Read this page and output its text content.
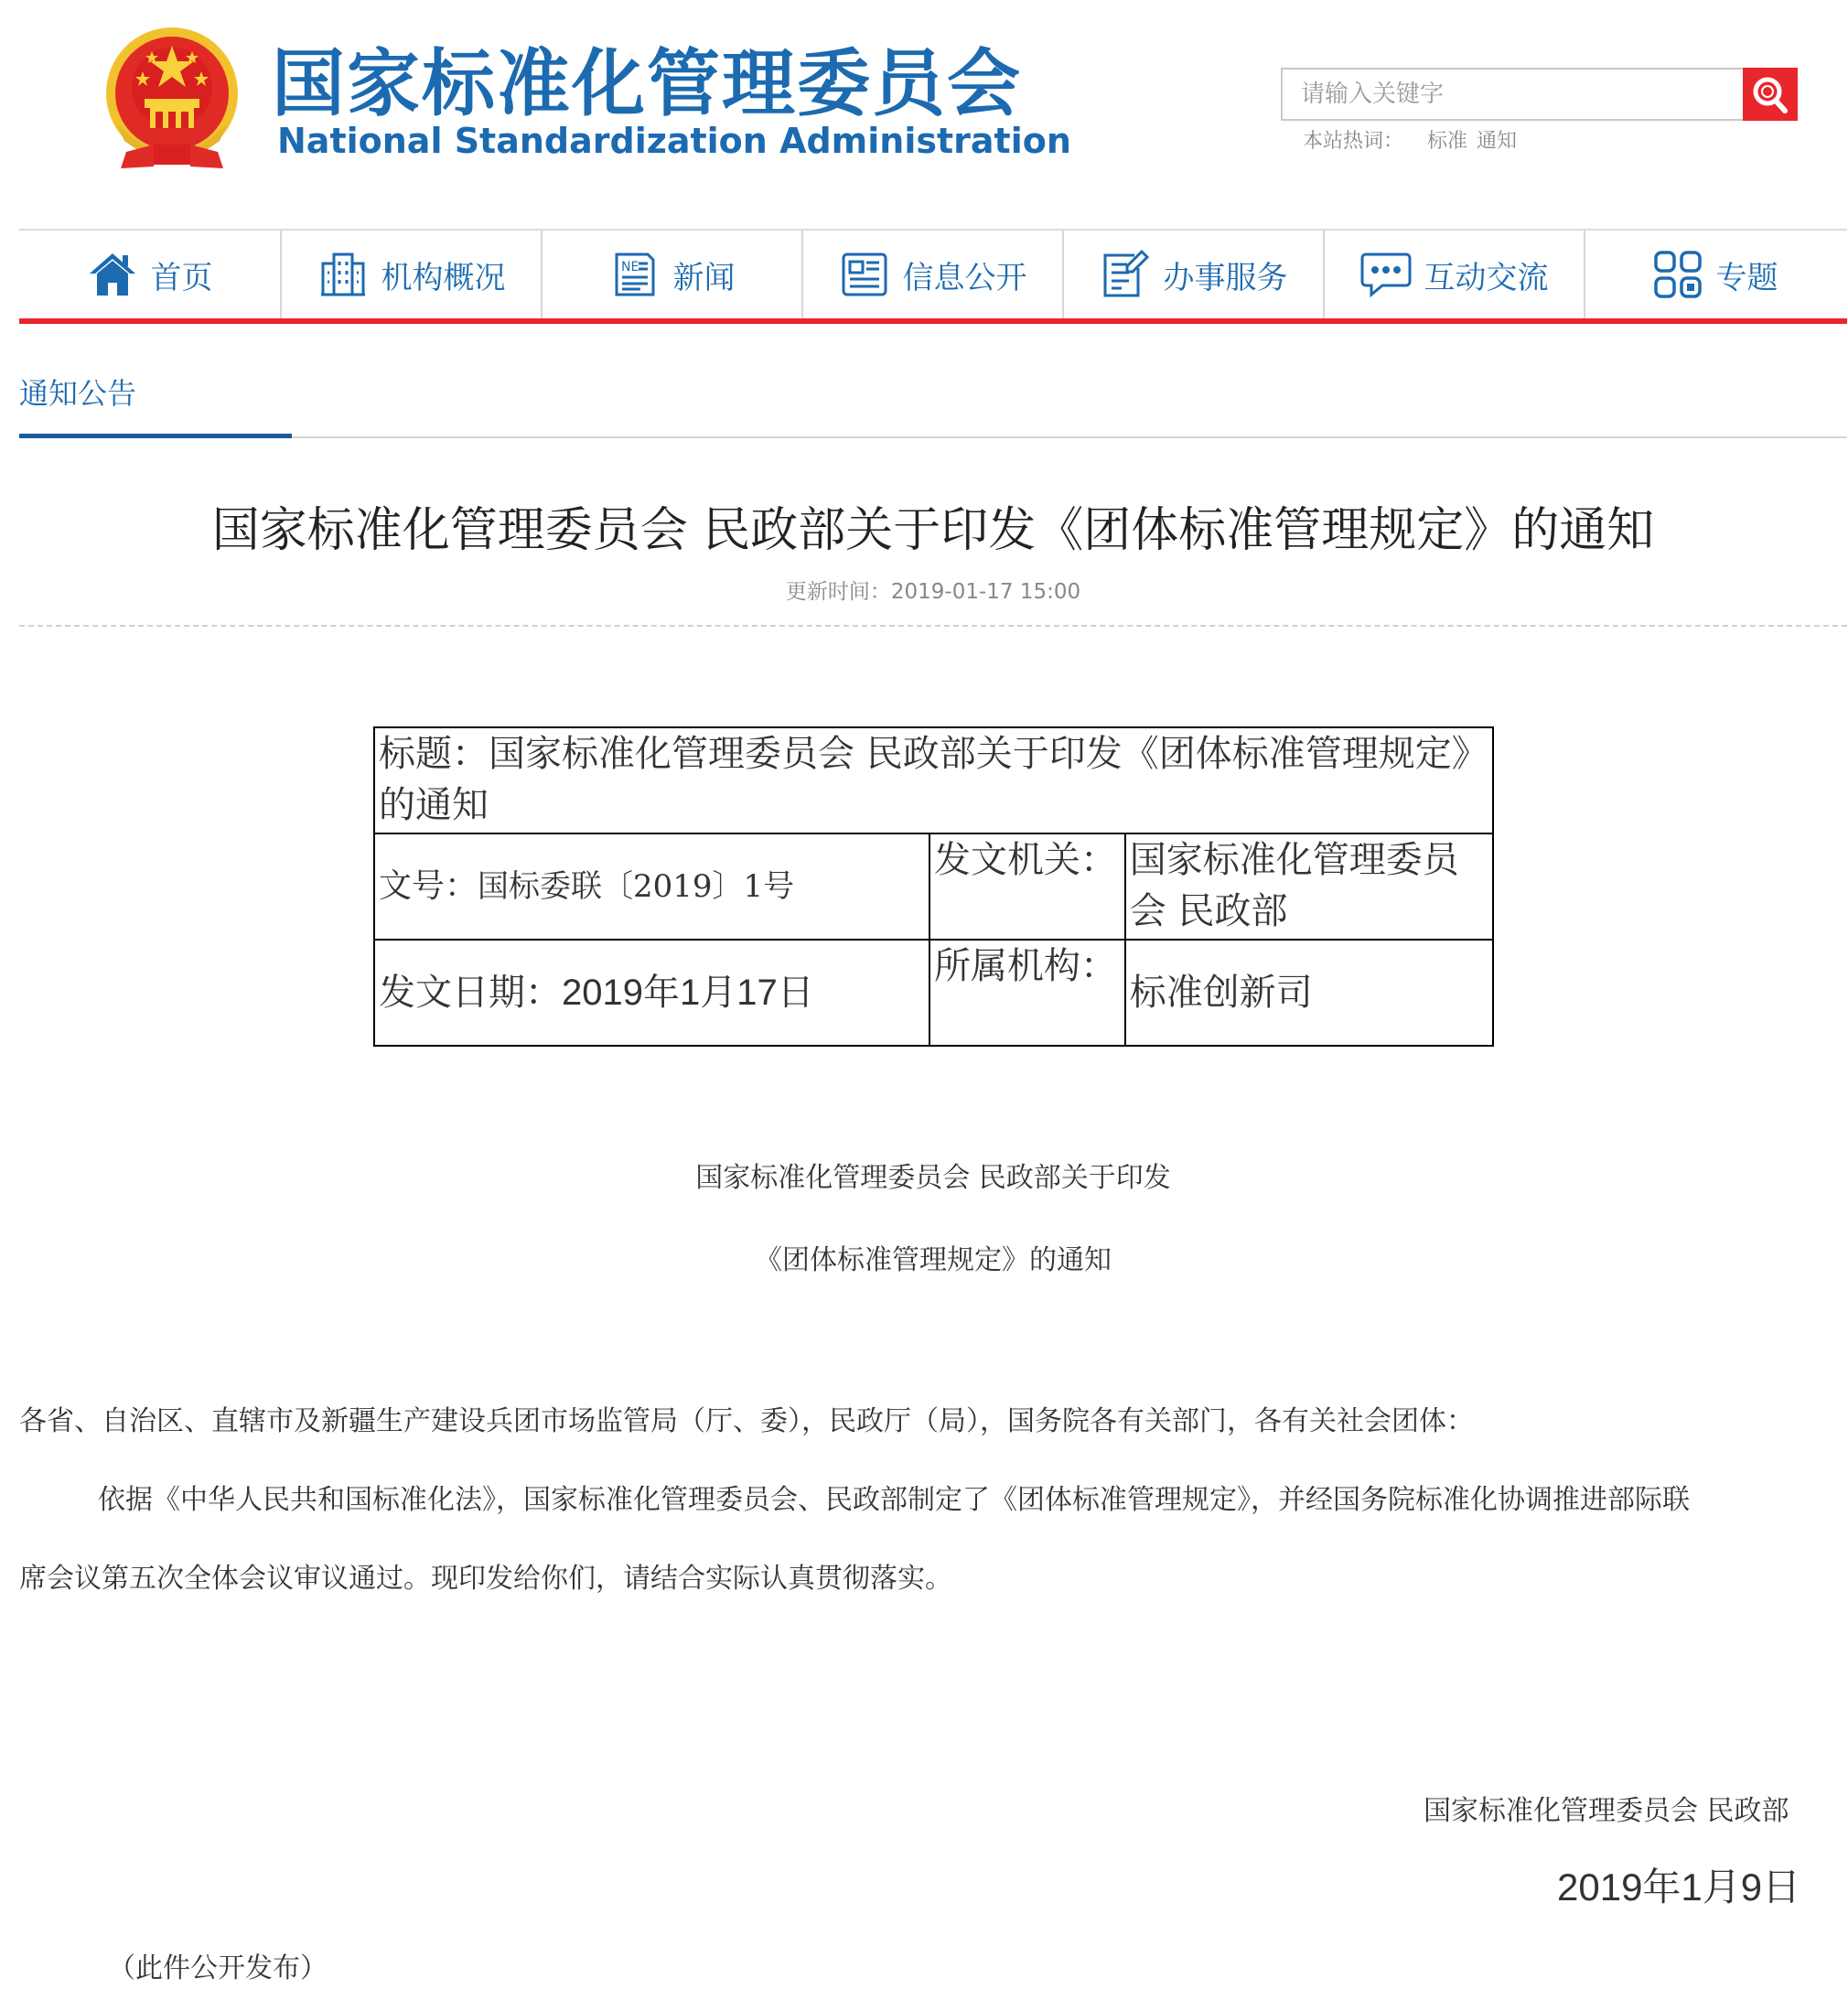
国家标准化管理委员会
National Standardization Administration
请输入关键字	本站热词： 标准 通知
首页	机构概况	NE 新闻	信息公开	办事服务	互动交流	专题
通知公告
国家标准化管理委员会 民政部关于印发《团体标准管理规定》的通知
更新时间：2019-01-17 15:00
标题：国家标准化管理委员会 民政部关于印发《团体标准管理规定》的通知		
文号：国标委联〔2019〕1号	发文机关：	国家标准化管理委员会 民政部
发文日期：2019年1月17日	所属机构：	标准创新司
国家标准化管理委员会 民政部关于印发
《团体标准管理规定》的通知
各省、自治区、直辖市及新疆生产建设兵团市场监管局（厅、委），民政厅（局），国务院各有关部门，各有关社会团体：
依据《中华人民共和国标准化法》，国家标准化管理委员会、民政部制定了《团体标准管理规定》，并经国务院标准化协调推进部际联
席会议第五次全体会议审议通过。现印发给你们，请结合实际认真贯彻落实。
国家标准化管理委员会 民政部
2019年1月9日
（此件公开发布）
